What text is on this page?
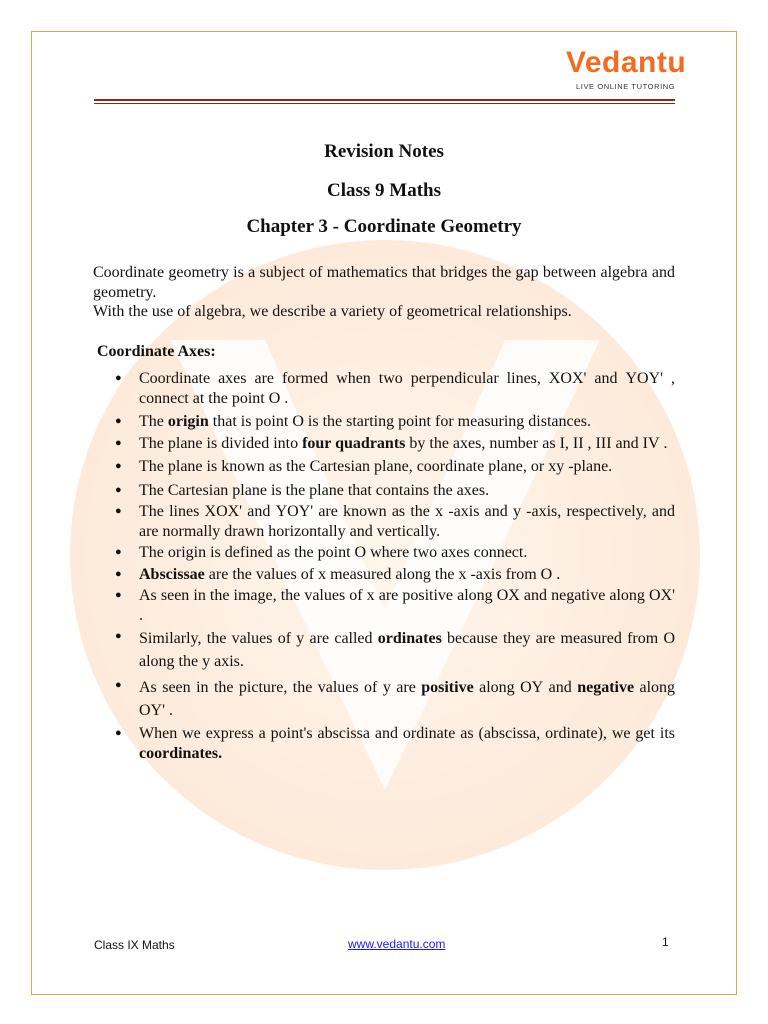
Vedantu
LIVE ONLINE TUTORING
Revision Notes
Class 9 Maths
Chapter 3 - Coordinate Geometry

Coordinate geometry is a subject of mathematics that bridges the gap between algebra and geometry.

With the use of algebra, we describe a variety of geometrical relationships.

Coordinate Axes:
● Coordinate axes are formed when two perpendicular lines, XOX' and YOY' , connect at the point O .
● The origin that is point O is the starting point for measuring distances.
● The plane is divided into four quadrants by the axes, number as I, II , III and IV .
● The plane is known as the Cartesian plane, coordinate plane, or xy -plane.
● The Cartesian plane is the plane that contains the axes.
● The lines XOX' and YOY' are known as the x -axis and y -axis, respectively, and are normally drawn horizontally and vertically.
● The origin is defined as the point O where two axes connect.
● Abscissae are the values of x measured along the x -axis from O .
● As seen in the image, the values of x are positive along OX and negative along OX' .
● Similarly, the values of y are called ordinates because they are measured from O along the y axis.
● As seen in the picture, the values of y are positive along OY and negative along OY' .
● When we express a point's abscissa and ordinate as (abscissa, ordinate), we get its coordinates.
Class IX Maths	www.vedantu.com	1
